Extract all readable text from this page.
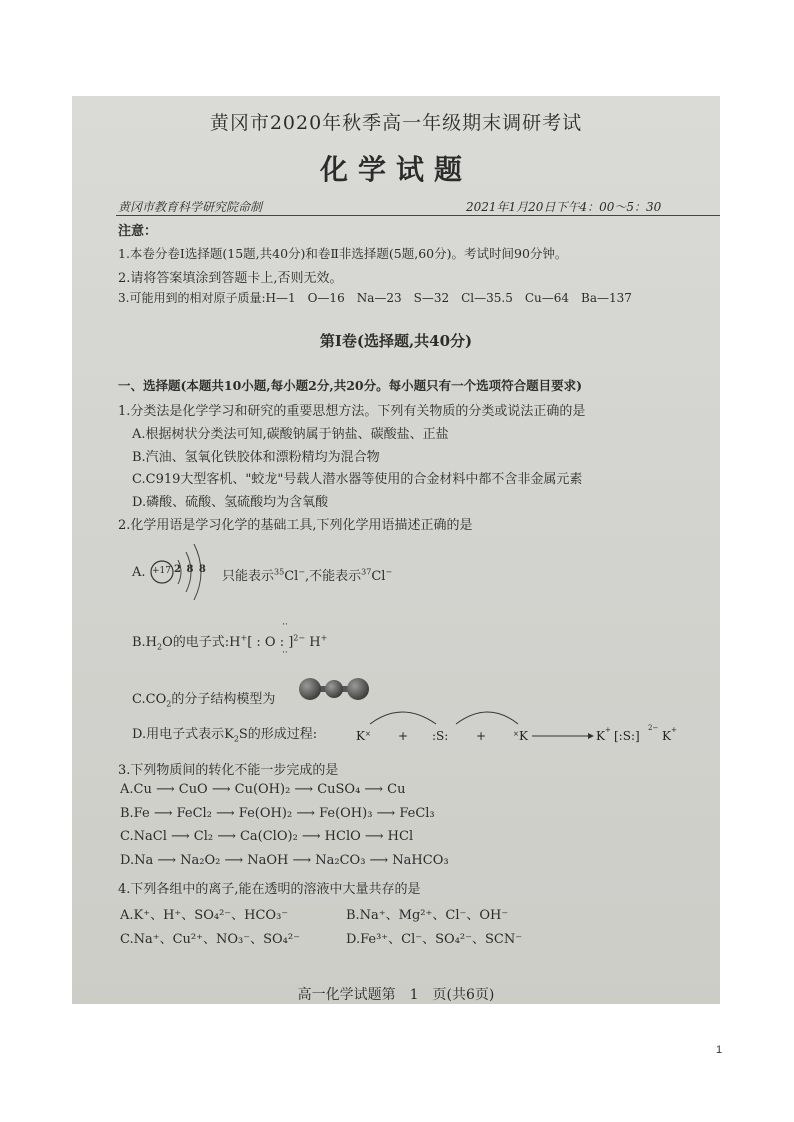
黄冈市2020年秋季高一年级期末调研考试
化学试题
黄冈市教育科学研究院命制	2021年1月20日下午4：00～5：30
注意：
1.本卷分卷Ⅰ选择题(15题,共40分)和卷Ⅱ非选择题(5题,60分)。考试时间90分钟。
2.请将答案填涂到答题卡上,否则无效。
3.可能用到的相对原子质量:H—1　O—16　Na—23　S—32　Cl—35.5　Cu—64　Ba—137
第Ⅰ卷(选择题,共40分)
一、选择题(本题共10小题,每小题2分,共20分。每小题只有一个选项符合题目要求)
1.分类法是化学学习和研究的重要思想方法。下列有关物质的分类或说法正确的是
A.根据树状分类法可知,碳酸钠属于钠盐、碳酸盐、正盐
B.汽油、氢氧化铁胶体和漂粉精均为混合物
C.C919大型客机、"蛟龙"号载人潜水器等使用的合金材料中都不含非金属元素
D.磷酸、硫酸、氢硫酸均为含氧酸
2.化学用语是学习化学的基础工具,下列化学用语描述正确的是
A. +17 2 8 8 只能表示$^{35}$Cl−,不能表示$^{37}$Cl−
··
··
$B.H_2O$的电子式:H+[ : O : ]$^{2-}$ H+
$C.CO_2$的分子结构模型为
D.用电子式表示$K_2S$的形成过程:	K × + :S: +	× K	K + [:S:]
2−
K +
3.下列物质间的转化不能一步完成的是
A.Cu ⟶ CuO ⟶ Cu(OH)₂ ⟶ CuSO₄ ⟶ Cu
B.Fe ⟶ FeCl₂ ⟶ Fe(OH)₂ ⟶ Fe(OH)₃ ⟶ FeCl₃
C.NaCl ⟶ Cl₂ ⟶ Ca(ClO)₂ ⟶ HClO ⟶ HCl
D.Na ⟶ Na₂O₂ ⟶ NaOH ⟶ Na₂CO₃ ⟶ NaHCO₃
4.下列各组中的离子,能在透明的溶液中大量共存的是
A.K⁺、H⁺、SO₄²⁻、HCO₃⁻	B.Na⁺、Mg²⁺、Cl⁻、OH⁻
C.Na⁺、Cu²⁺、NO₃⁻、SO₄²⁻	D.Fe³⁺、Cl⁻、SO₄²⁻、SCN⁻
高一化学试题第　1　页(共6页)
1
